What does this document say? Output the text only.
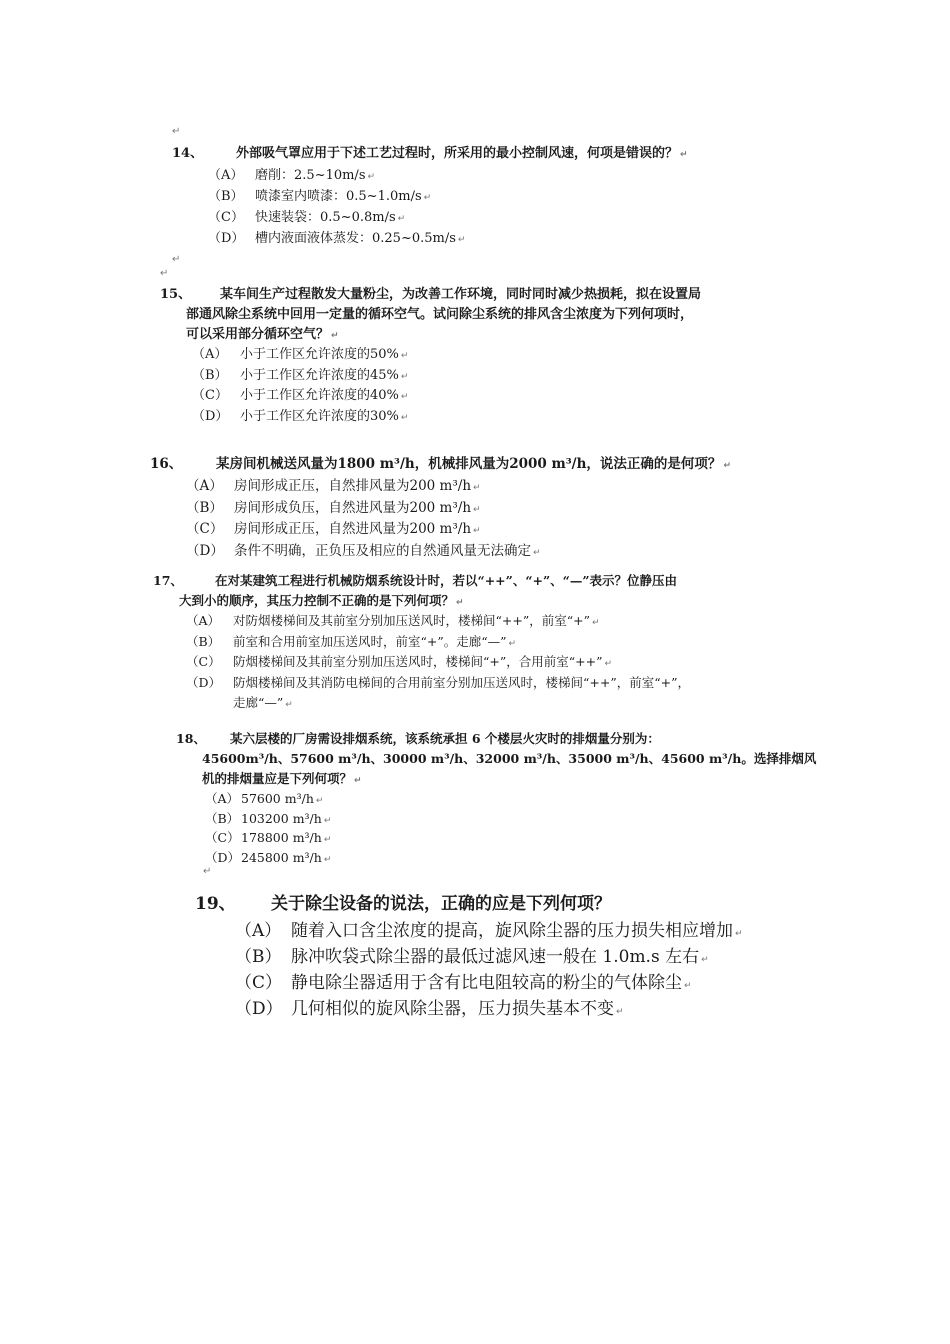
↵
↵
↵
↵
14、	外部吸气罩应用于下述工艺过程时，所采用的最小控制风速，何项是错误的？ ↵
（A） 磨削：2.5~10m/s ↵
（B） 喷漆室内喷漆：0.5~1.0m/s ↵
（C） 快速装袋：0.5~0.8m/s ↵
（D） 槽内液面液体蒸发：0.25~0.5m/s ↵
15、 某车间生产过程散发大量粉尘，为改善工作环境，同时同时减少热损耗，拟在设置局
部通风除尘系统中回用一定量的循环空气。试问除尘系统的排风含尘浓度为下列何项时，
可以采用部分循环空气？ ↵
（A） 小于工作区允许浓度的50% ↵
（B） 小于工作区允许浓度的45% ↵
（C） 小于工作区允许浓度的40% ↵
（D） 小于工作区允许浓度的30% ↵
16、 某房间机械送风量为1800 m³/h，机械排风量为2000 m³/h，说法正确的是何项？ ↵
（A） 房间形成正压，自然排风量为200 m³/h ↵
（B） 房间形成负压，自然进风量为200 m³/h ↵
（C） 房间形成正压，自然进风量为200 m³/h ↵
（D） 条件不明确，正负压及相应的自然通风量无法确定 ↵
17、	在对某建筑工程进行机械防烟系统设计时，若以“++”、“+”、“—”表示？位静压由
大到小的顺序，其压力控制不正确的是下列何项？ ↵
（A） 对防烟楼梯间及其前室分别加压送风时，楼梯间“++”，前室“+” ↵
（B） 前室和合用前室加压送风时，前室“+”。走廊“—” ↵
（C） 防烟楼梯间及其前室分别加压送风时，楼梯间“+”，合用前室“++” ↵
（D） 防烟楼梯间及其消防电梯间的合用前室分别加压送风时，楼梯间“++”，前室“+”，
走廊“—” ↵
18、 某六层楼的厂房需设排烟系统，该系统承担 6 个楼层火灾时的排烟量分别为：
45600m³/h、57600 m³/h、30000 m³/h、32000 m³/h、35000 m³/h、45600 m³/h。选择排烟风
机的排烟量应是下列何项？ ↵
（A） 57600 m³/h ↵
（B） 103200 m³/h ↵
（C）178800 m³/h ↵
（D）245800 m³/h ↵
19、 关于除尘设备的说法，正确的应是下列何项？
（A） 随着入口含尘浓度的提高，旋风除尘器的压力损失相应增加 ↵
（B） 脉冲吹袋式除尘器的最低过滤风速一般在 1.0m.s 左右 ↵
（C） 静电除尘器适用于含有比电阻较高的粉尘的气体除尘 ↵
（D） 几何相似的旋风除尘器，压力损失基本不变 ↵
